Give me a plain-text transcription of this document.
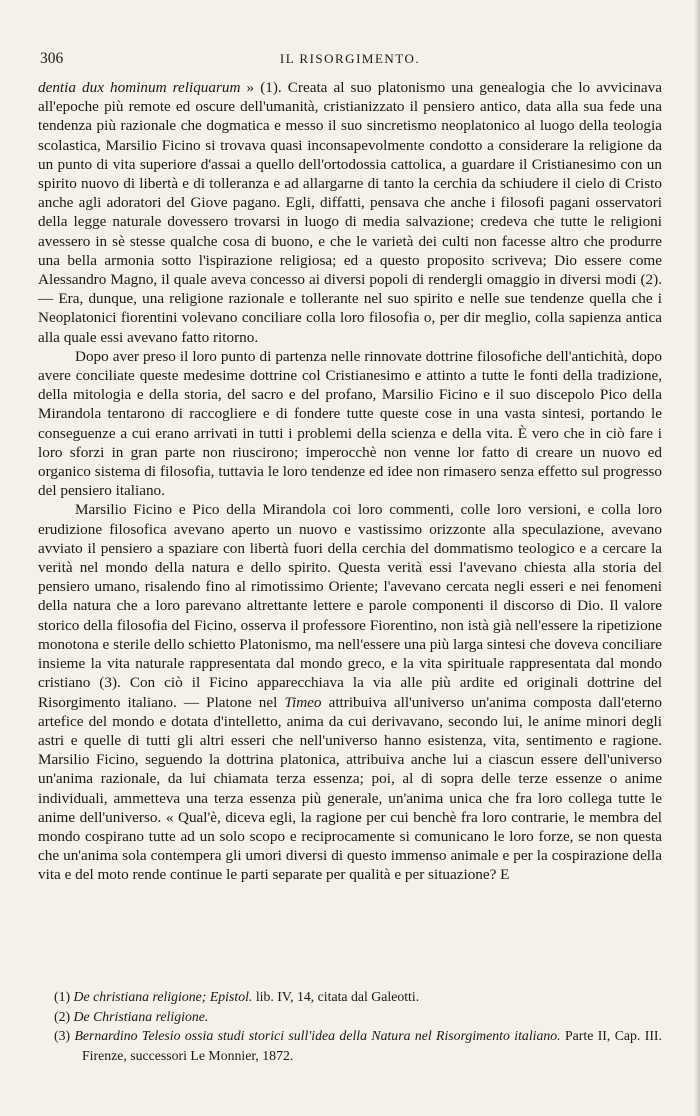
306	IL RISORGIMENTO.

dentia dux hominum reliquarum » (1). Creata al suo platonismo una genealogia che lo avvicinava all'epoche più remote ed oscure dell'umanità, cristianizzato il pensiero antico, data alla sua fede una tendenza più razionale che dogmatica e messo il suo sincretismo neoplatonico al luogo della teologia scolastica, Marsilio Ficino si trovava quasi inconsapevolmente condotto a considerare la religione da un punto di vita superiore d'assai a quello dell'ortodossia cattolica, a guardare il Cristianesimo con un spirito nuovo di libertà e di tolleranza e ad allargarne di tanto la cerchia da schiudere il cielo di Cristo anche agli adoratori del Giove pagano. Egli, diffatti, pensava che anche i filosofi pagani osservatori della legge naturale dovessero trovarsi in luogo di media salvazione; credeva che tutte le religioni avessero in sè stesse qualche cosa di buono, e che le varietà dei culti non facesse altro che produrre una bella armonia sotto l'ispirazione religiosa; ed a questo proposito scriveva; Dio essere come Alessandro Magno, il quale aveva concesso ai diversi popoli di rendergli omaggio in diversi modi (2). — Era, dunque, una religione razionale e tollerante nel suo spirito e nelle sue tendenze quella che i Neoplatonici fiorentini volevano conciliare colla loro filosofia o, per dir meglio, colla sapienza antica alla quale essi avevano fatto ritorno.

Dopo aver preso il loro punto di partenza nelle rinnovate dottrine filosofiche dell'antichità, dopo avere conciliate queste medesime dottrine col Cristianesimo e attinto a tutte le fonti della tradizione, della mitologia e della storia, del sacro e del profano, Marsilio Ficino e il suo discepolo Pico della Mirandola tentarono di raccogliere e di fondere tutte queste cose in una vasta sintesi, portando le conseguenze a cui erano arrivati in tutti i problemi della scienza e della vita. È vero che in ciò fare i loro sforzi in gran parte non riuscirono; imperocchè non venne lor fatto di creare un nuovo ed organico sistema di filosofia, tuttavia le loro tendenze ed idee non rimasero senza effetto sul progresso del pensiero italiano.

Marsilio Ficino e Pico della Mirandola coi loro commenti, colle loro versioni, e colla loro erudizione filosofica avevano aperto un nuovo e vastissimo orizzonte alla speculazione, avevano avviato il pensiero a spaziare con libertà fuori della cerchia del dommatismo teologico e a cercare la verità nel mondo della natura e dello spirito. Questa verità essi l'avevano chiesta alla storia del pensiero umano, risalendo fino al rimotissimo Oriente; l'avevano cercata negli esseri e nei fenomeni della natura che a loro parevano altrettante lettere e parole componenti il discorso di Dio. Il valore storico della filosofia del Ficino, osserva il professore Fiorentino, non istà già nell'essere la ripetizione monotona e sterile dello schietto Platonismo, ma nell'essere una più larga sintesi che doveva conciliare insieme la vita naturale rappresentata dal mondo greco, e la vita spirituale rappresentata dal mondo cristiano (3). Con ciò il Ficino apparecchiava la via alle più ardite ed originali dottrine del Risorgimento italiano. — Platone nel Timeo attribuiva all'universo un'anima composta dall'eterno artefice del mondo e dotata d'intelletto, anima da cui derivavano, secondo lui, le anime minori degli astri e quelle di tutti gli altri esseri che nell'universo hanno esistenza, vita, sentimento e ragione. Marsilio Ficino, seguendo la dottrina platonica, attribuiva anche lui a ciascun essere dell'universo un'anima razionale, da lui chiamata terza essenza; poi, al di sopra delle terze essenze o anime individuali, ammetteva una terza essenza più generale, un'anima unica che fra loro collega tutte le anime dell'universo. « Qual'è, diceva egli, la ragione per cui benchè fra loro contrarie, le membra del mondo cospirano tutte ad un solo scopo e reciprocamente si comunicano le loro forze, se non questa che un'anima sola contempera gli umori diversi di questo immenso animale e per la cospirazione della vita e del moto rende continue le parti separate per qualità e per situazione? E

(1) De christiana religione; Epistol. lib. IV, 14, citata dal Galeotti.

(2) De Christiana religione.

(3) Bernardino Telesio ossia studi storici sull'idea della Natura nel Risorgimento italiano. Parte II, Cap. III. Firenze, successori Le Monnier, 1872.
